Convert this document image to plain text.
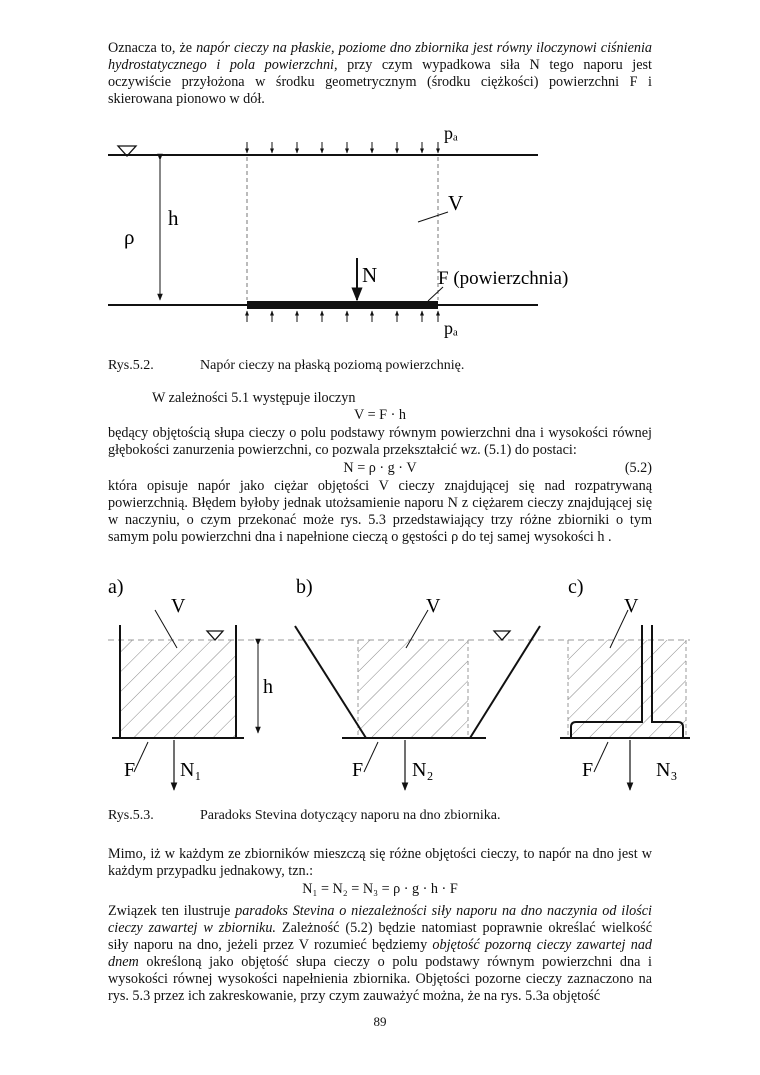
Oznacza to, że napór cieczy na płaskie, poziome dno zbiornika jest równy iloczynowi ciśnienia hydrostatycznego i pola powierzchni, przy czym wypadkowa siła N tego naporu jest oczywiście przyłożona w środku geometrycznym (środku ciężkości) powierzchni F i skierowana pionowo w dół.

h
ρ
N
V
F (powierzchnia)
pₐ
pₐ
Rys.5.2.	Napór cieczy na płaską poziomą powierzchnię.

W zależności 5.1 występuje iloczyn

V = F · h

będący objętością słupa cieczy o polu podstawy równym powierzchni dna i wysokości równej głębokości zanurzenia powierzchni, co pozwala przekształcić wz. (5.1) do postaci:

N = ρ · g · V	(5.2)

która opisuje napór jako ciężar objętości V cieczy znajdującej się nad rozpatrywaną powierzchnią. Błędem byłoby jednak utożsamienie naporu N z ciężarem cieczy znajdującej się w naczyniu, o czym przekonać może rys. 5.3 przedstawiający trzy różne zbiorniki o tym samym polu powierzchni dna i napełnione cieczą o gęstości ρ do tej samej wysokości h .

a)
V
h
F N₁
b)
V
F N₂
c)
V
F	N₃
Rys.5.3.	Paradoks Stevina dotyczący naporu na dno zbiornika.

Mimo, iż w każdym ze zbiorników mieszczą się różne objętości cieczy, to napór na dno jest w każdym przypadku jednakowy, tzn.:

N₁ = N₂ = N₃ = ρ · g · h · F

Związek ten ilustruje paradoks Stevina o niezależności siły naporu na dno naczynia od ilości cieczy zawartej w zbiorniku. Zależność (5.2) będzie natomiast poprawnie określać wielkość siły naporu na dno, jeżeli przez V rozumieć będziemy objętość pozorną cieczy zawartej nad dnem określoną jako objętość słupa cieczy o polu podstawy równym powierzchni dna i wysokości równej wysokości napełnienia zbiornika. Objętości pozorne cieczy zaznaczono na rys. 5.3 przez ich zakreskowanie, przy czym zauważyć można, że na rys. 5.3a objętość

89
